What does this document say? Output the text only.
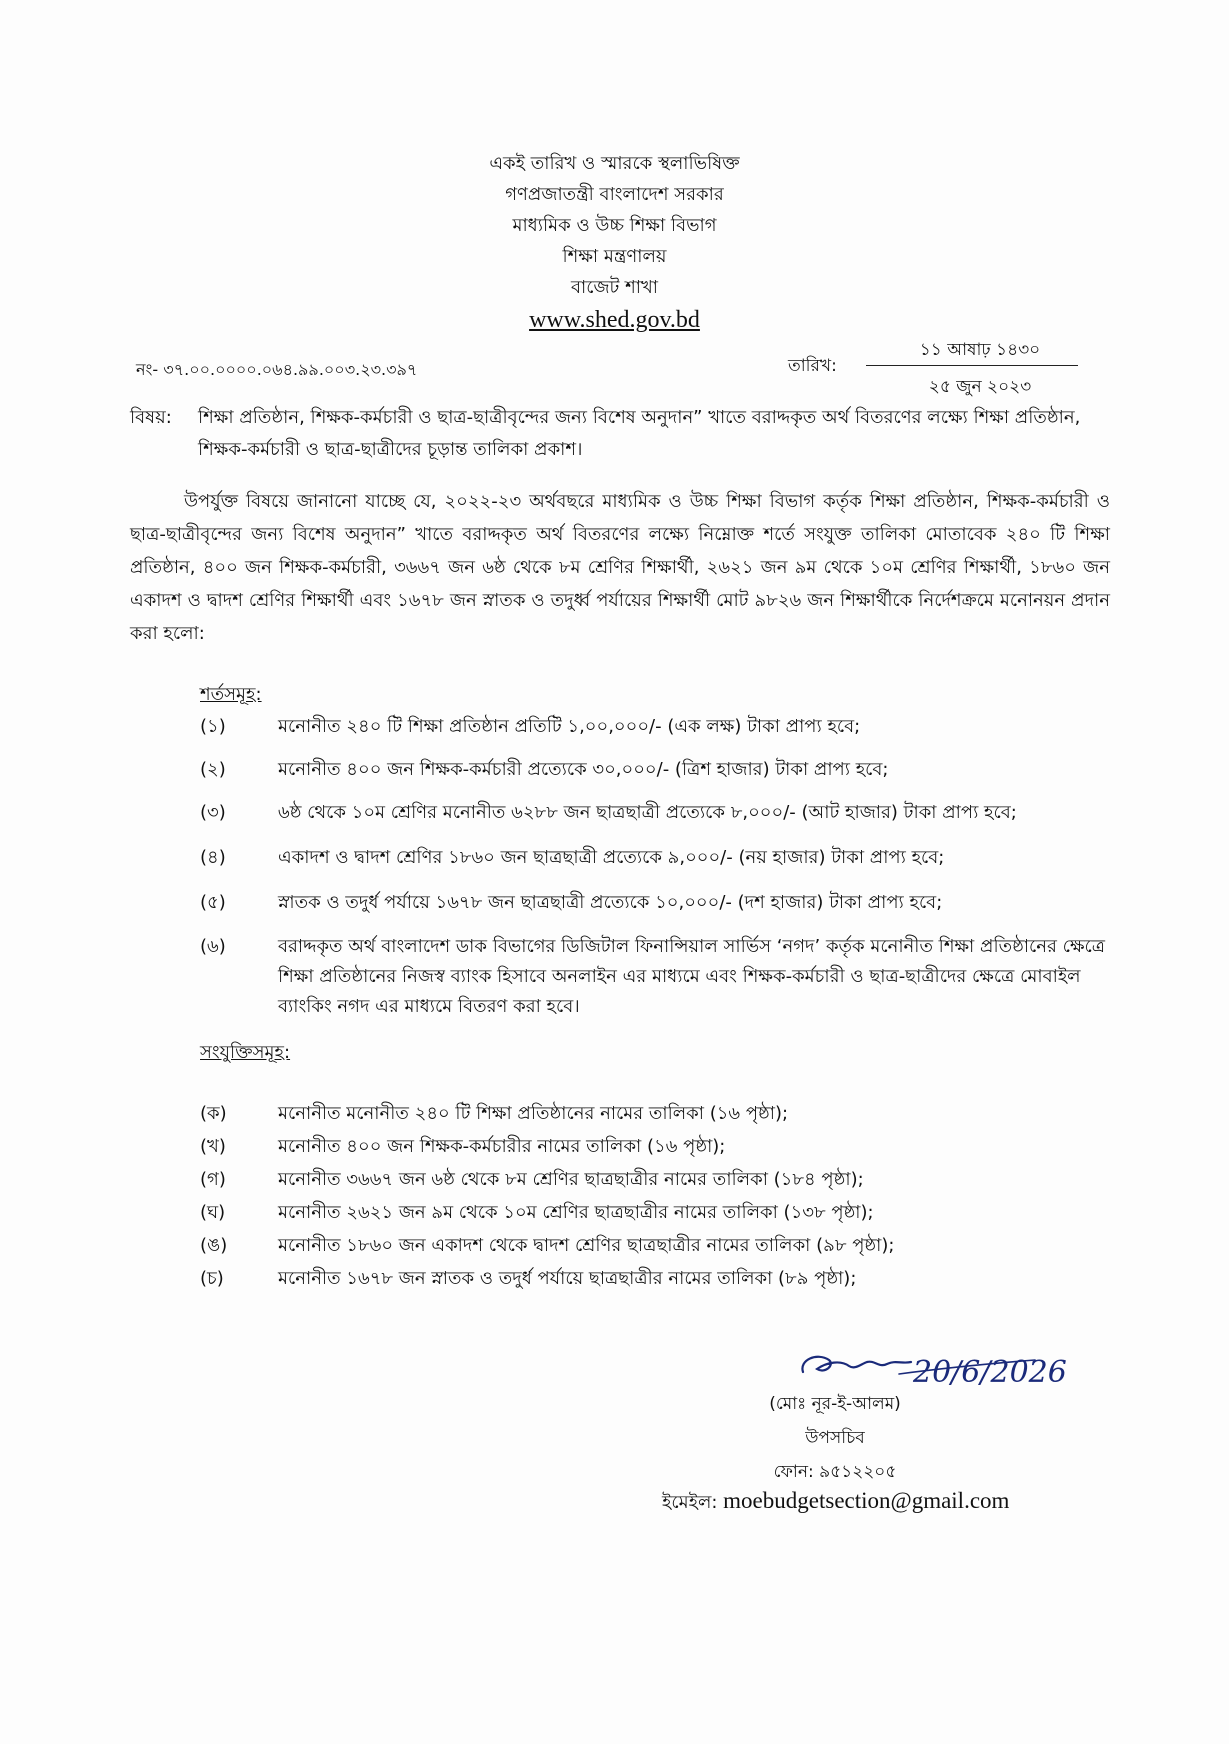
একই তারিখ ও স্মারকে স্থলাভিষিক্ত
গণপ্রজাতন্ত্রী বাংলাদেশ সরকার
মাধ্যমিক ও উচ্চ শিক্ষা বিভাগ
শিক্ষা মন্ত্রণালয়
বাজেট শাখা
www.shed.gov.bd
নং- ৩৭.০০.০০০০.০৬৪.৯৯.০০৩.২৩.৩৯৭	তারিখ:
১১ আষাঢ় ১৪৩০
২৫ জুন ২০২৩
বিষয়: শিক্ষা প্রতিষ্ঠান, শিক্ষক-কর্মচারী ও ছাত্র-ছাত্রীবৃন্দের জন্য বিশেষ অনুদান” খাতে বরাদ্দকৃত অর্থ বিতরণের লক্ষ্যে শিক্ষা প্রতিষ্ঠান, শিক্ষক-কর্মচারী ও ছাত্র-ছাত্রীদের চূড়ান্ত তালিকা প্রকাশ।
উপর্যুক্ত বিষয়ে জানানো যাচ্ছে যে, ২০২২-২৩ অর্থবছরে মাধ্যমিক ও উচ্চ শিক্ষা বিভাগ কর্তৃক শিক্ষা প্রতিষ্ঠান, শিক্ষক-কর্মচারী ও ছাত্র-ছাত্রীবৃন্দের জন্য বিশেষ অনুদান” খাতে বরাদ্দকৃত অর্থ বিতরণের লক্ষ্যে নিম্নোক্ত শর্তে সংযুক্ত তালিকা মোতাবেক ২৪০ টি শিক্ষা প্রতিষ্ঠান, ৪০০ জন শিক্ষক-কর্মচারী, ৩৬৬৭ জন ৬ষ্ঠ থেকে ৮ম শ্রেণির শিক্ষার্থী, ২৬২১ জন ৯ম থেকে ১০ম শ্রেণির শিক্ষার্থী, ১৮৬০ জন একাদশ ও দ্বাদশ শ্রেণির শিক্ষার্থী এবং ১৬৭৮ জন স্নাতক ও তদুর্ধ্ব পর্যায়ের শিক্ষার্থী মোট ৯৮২৬ জন শিক্ষার্থীকে নির্দেশক্রমে মনোনয়ন প্রদান করা হলো:
শর্তসমূহ:
(১)	মনোনীত ২৪০ টি শিক্ষা প্রতিষ্ঠান প্রতিটি ১,০০,০০০/- (এক লক্ষ) টাকা প্রাপ্য হবে;
(২)	মনোনীত ৪০০ জন শিক্ষক-কর্মচারী প্রত্যেকে ৩০,০০০/- (ত্রিশ হাজার) টাকা প্রাপ্য হবে;
(৩)	৬ষ্ঠ থেকে ১০ম শ্রেণির মনোনীত ৬২৮৮ জন ছাত্রছাত্রী প্রত্যেকে ৮,০০০/- (আট হাজার) টাকা প্রাপ্য হবে;
(৪)	একাদশ ও দ্বাদশ শ্রেণির ১৮৬০ জন ছাত্রছাত্রী প্রত্যেকে ৯,০০০/- (নয় হাজার) টাকা প্রাপ্য হবে;
(৫)	স্নাতক ও তদুর্ধ পর্যায়ে ১৬৭৮ জন ছাত্রছাত্রী প্রত্যেকে ১০,০০০/- (দশ হাজার) টাকা প্রাপ্য হবে;
(৬)	বরাদ্দকৃত অর্থ বাংলাদেশ ডাক বিভাগের ডিজিটাল ফিনান্সিয়াল সার্ভিস ‘নগদ’ কর্তৃক মনোনীত শিক্ষা প্রতিষ্ঠানের ক্ষেত্রে শিক্ষা প্রতিষ্ঠানের নিজস্ব ব্যাংক হিসাবে অনলাইন এর মাধ্যমে এবং শিক্ষক-কর্মচারী ও ছাত্র-ছাত্রীদের ক্ষেত্রে মোবাইল ব্যাংকিং নগদ এর মাধ্যমে বিতরণ করা হবে।
সংযুক্তিসমূহ:
(ক)	মনোনীত মনোনীত ২৪০ টি শিক্ষা প্রতিষ্ঠানের নামের তালিকা (১৬ পৃষ্ঠা);
(খ)	মনোনীত ৪০০ জন শিক্ষক-কর্মচারীর নামের তালিকা (১৬ পৃষ্ঠা);
(গ)	মনোনীত ৩৬৬৭ জন ৬ষ্ঠ থেকে ৮ম শ্রেণির ছাত্রছাত্রীর নামের তালিকা (১৮৪ পৃষ্ঠা);
(ঘ)	মনোনীত ২৬২১ জন ৯ম থেকে ১০ম শ্রেণির ছাত্রছাত্রীর নামের তালিকা (১৩৮ পৃষ্ঠা);
(ঙ)	মনোনীত ১৮৬০ জন একাদশ থেকে দ্বাদশ শ্রেণির ছাত্রছাত্রীর নামের তালিকা (৯৮ পৃষ্ঠা);
(চ)	মনোনীত ১৬৭৮ জন স্নাতক ও তদুর্ধ পর্যায়ে ছাত্রছাত্রীর নামের তালিকা (৮৯ পৃষ্ঠা);
20/6/2026
(মোঃ নূর-ই-আলম)
উপসচিব
ফোন: ৯৫১২২০৫
ইমেইল: moebudgetsection@gmail.com
